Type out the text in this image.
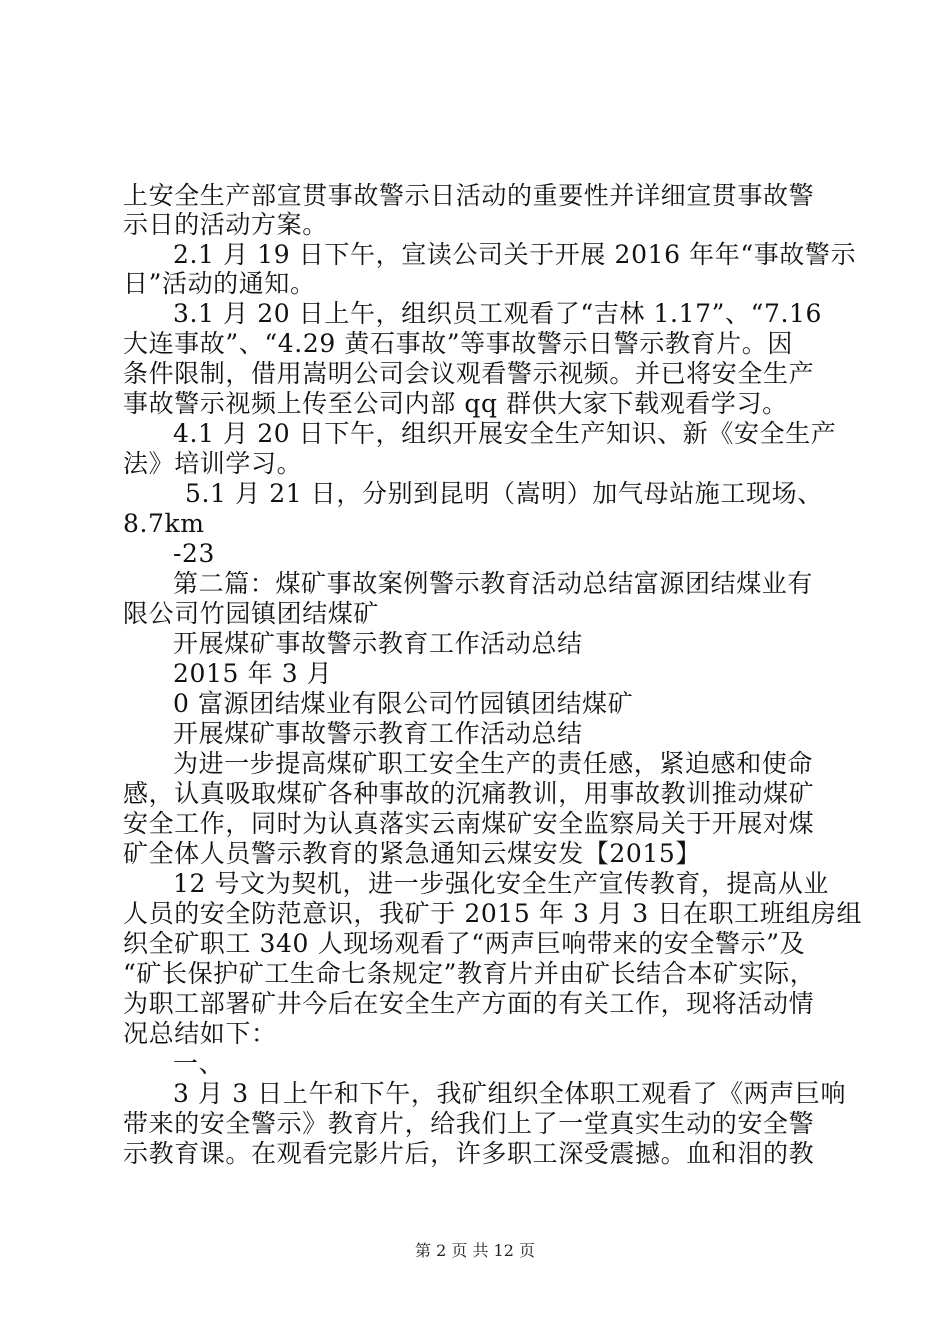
上安全生产部宣贯事故警示日活动的重要性并详细宣贯事故警
示日的活动方案。
2.1 月 19 日下午，宣读公司关于开展 2016 年年“事故警示
日”活动的通知。
3.1 月 20 日上午，组织员工观看了“吉林 1.17”、“7.16
大连事故”、“4.29 黄石事故”等事故警示日警示教育片。因
条件限制，借用嵩明公司会议观看警示视频。并已将安全生产
事故警示视频上传至公司内部 qq 群供大家下载观看学习。
4.1 月 20 日下午，组织开展安全生产知识、新《安全生产
法》培训学习。
5.1 月 21 日，分别到昆明（嵩明）加气母站施工现场、
8.7km
-23
第二篇：煤矿事故案例警示教育活动总结富源团结煤业有
限公司竹园镇团结煤矿
开展煤矿事故警示教育工作活动总结
2015 年 3 月
0 富源团结煤业有限公司竹园镇团结煤矿
开展煤矿事故警示教育工作活动总结
为进一步提高煤矿职工安全生产的责任感，紧迫感和使命
感，认真吸取煤矿各种事故的沉痛教训，用事故教训推动煤矿
安全工作，同时为认真落实云南煤矿安全监察局关于开展对煤
矿全体人员警示教育的紧急通知云煤安发【2015】
12 号文为契机，进一步强化安全生产宣传教育，提高从业
人员的安全防范意识，我矿于 2015 年 3 月 3 日在职工班组房组
织全矿职工 340 人现场观看了“两声巨响带来的安全警示”及
“矿长保护矿工生命七条规定”教育片并由矿长结合本矿实际，
为职工部署矿井今后在安全生产方面的有关工作，现将活动情
况总结如下：
一、
3 月 3 日上午和下午，我矿组织全体职工观看了《两声巨响
带来的安全警示》教育片，给我们上了一堂真实生动的安全警
示教育课。在观看完影片后，许多职工深受震撼。血和泪的教
第 2 页 共 12 页
